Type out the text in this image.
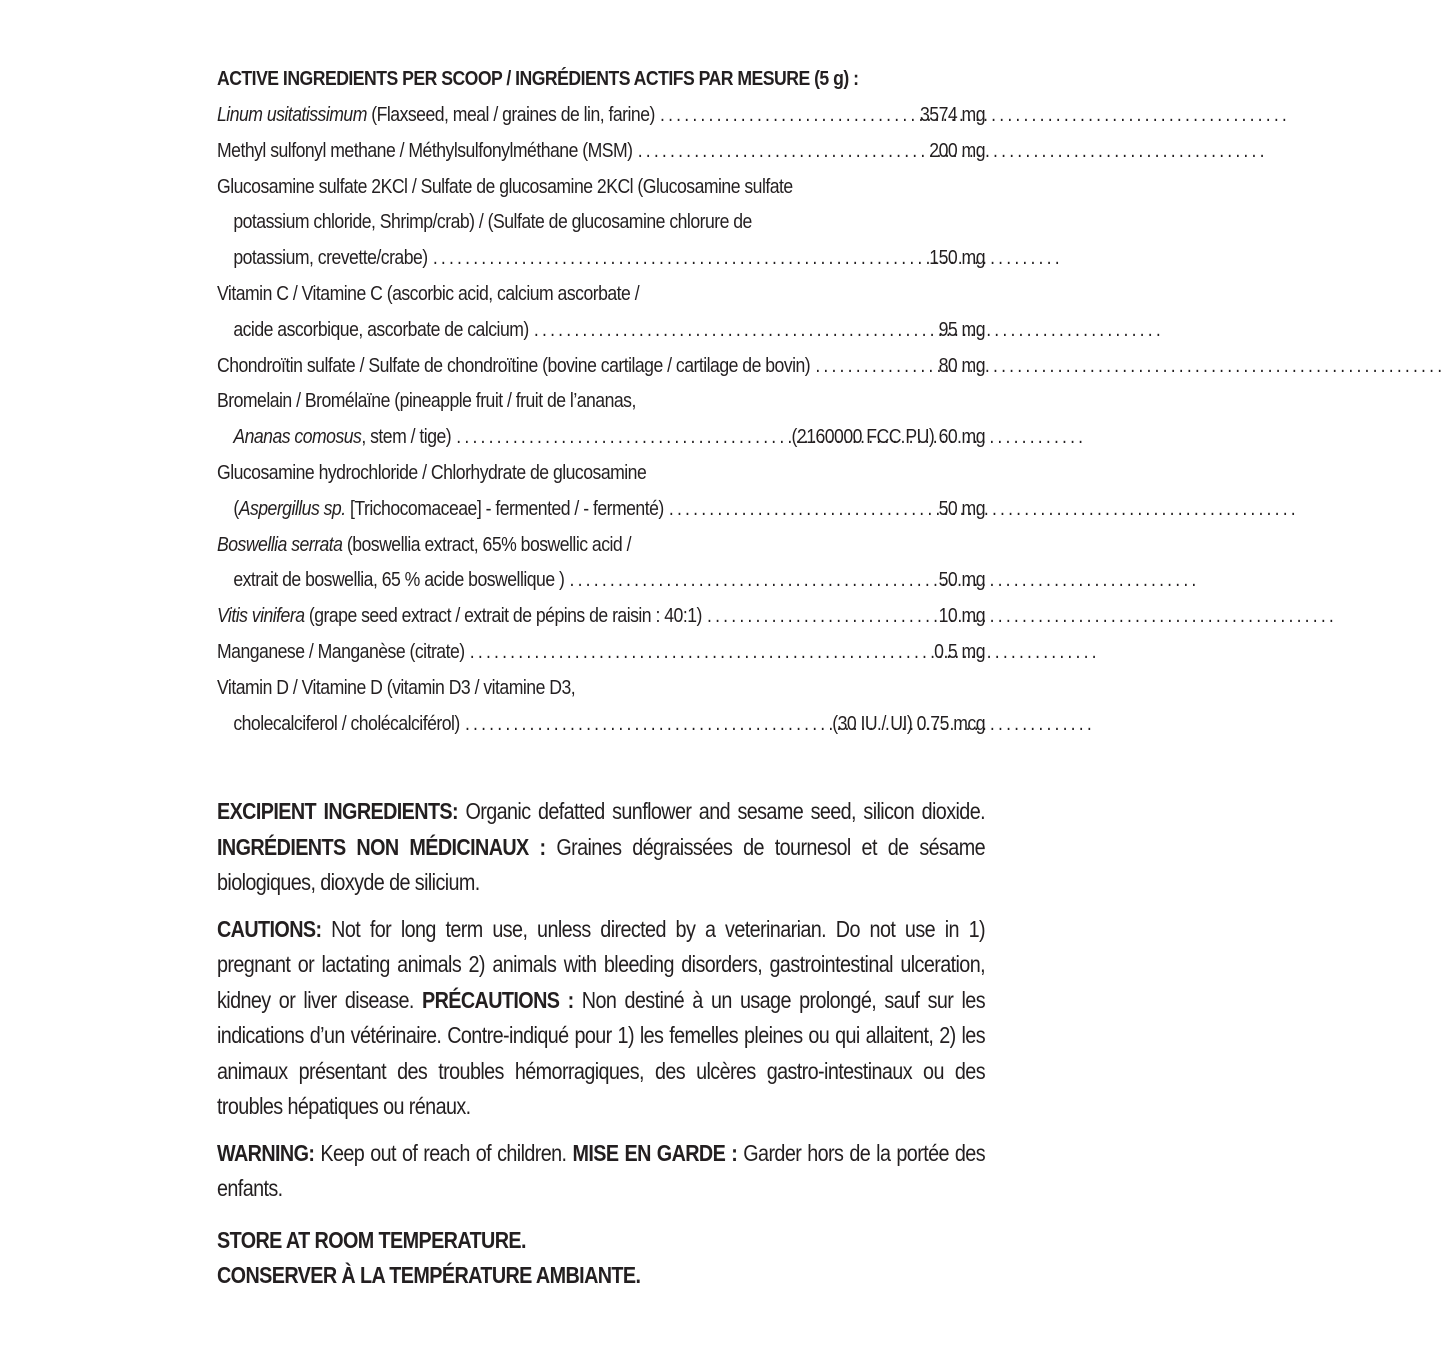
ACTIVE INGREDIENTS PER SCOOP / INGRÉDIENTS ACTIFS PAR MESURE (5 g) :
Linum usitatissimum (Flaxseed, meal / graines de lin, farine) . . .	3574 mg
Methyl sulfonyl methane / Méthylsulfonylméthane (MSM) . . .	200 mg
Glucosamine sulfate 2KCl / Sulfate de glucosamine 2KCl (Glucosamine sulfate
potassium chloride, Shrimp/crab) / (Sulfate de glucosamine chlorure de
potassium, crevette/crabe) . . .	150 mg
Vitamin C / Vitamine C (ascorbic acid, calcium ascorbate /
acide ascorbique, ascorbate de calcium) . . .	95 mg
Chondroïtin sulfate / Sulfate de chondroïtine (bovine cartilage / cartilage de bovin) . . .	80 mg
Bromelain / Bromélaïne (pineapple fruit / fruit de l’ananas,
Ananas comosus, stem / tige) . . .	(2160000 FCC PU) 60 mg
Glucosamine hydrochloride / Chlorhydrate de glucosamine
(Aspergillus sp. [Trichocomaceae] - fermented / - fermenté) . . .	50 mg
Boswellia serrata (boswellia extract, 65% boswellic acid /
extrait de boswellia, 65 % acide boswellique ) . . .	50 mg
Vitis vinifera (grape seed extract / extrait de pépins de raisin : 40:1) . . .	10 mg
Manganese / Manganèse (citrate) . . .	0.5 mg
Vitamin D / Vitamine D (vitamin D3 / vitamine D3,
cholecalciferol / cholécalciférol) . . .	(30 IU / UI) 0.75 mcg

EXCIPIENT INGREDIENTS: Organic defatted sunflower and sesame seed, silicon dioxide. INGRÉDIENTS NON MÉDICINAUX : Graines dégraissées de tournesol et de sésame biologiques, dioxyde de silicium.

CAUTIONS: Not for long term use, unless directed by a veterinarian. Do not use in 1) pregnant or lactating animals 2) animals with bleeding disorders, gastrointestinal ulceration, kidney or liver disease. PRÉCAUTIONS : Non destiné à un usage prolongé, sauf sur les indications d’un vétérinaire. Contre-indiqué pour 1) les femelles pleines ou qui allaitent, 2) les animaux présentant des troubles hémorragiques, des ulcères gastro-intestinaux ou des troubles hépatiques ou rénaux.

WARNING: Keep out of reach of children. MISE EN GARDE : Garder hors de la portée des enfants.

STORE AT ROOM TEMPERATURE.
CONSERVER À LA TEMPÉRATURE AMBIANTE.
